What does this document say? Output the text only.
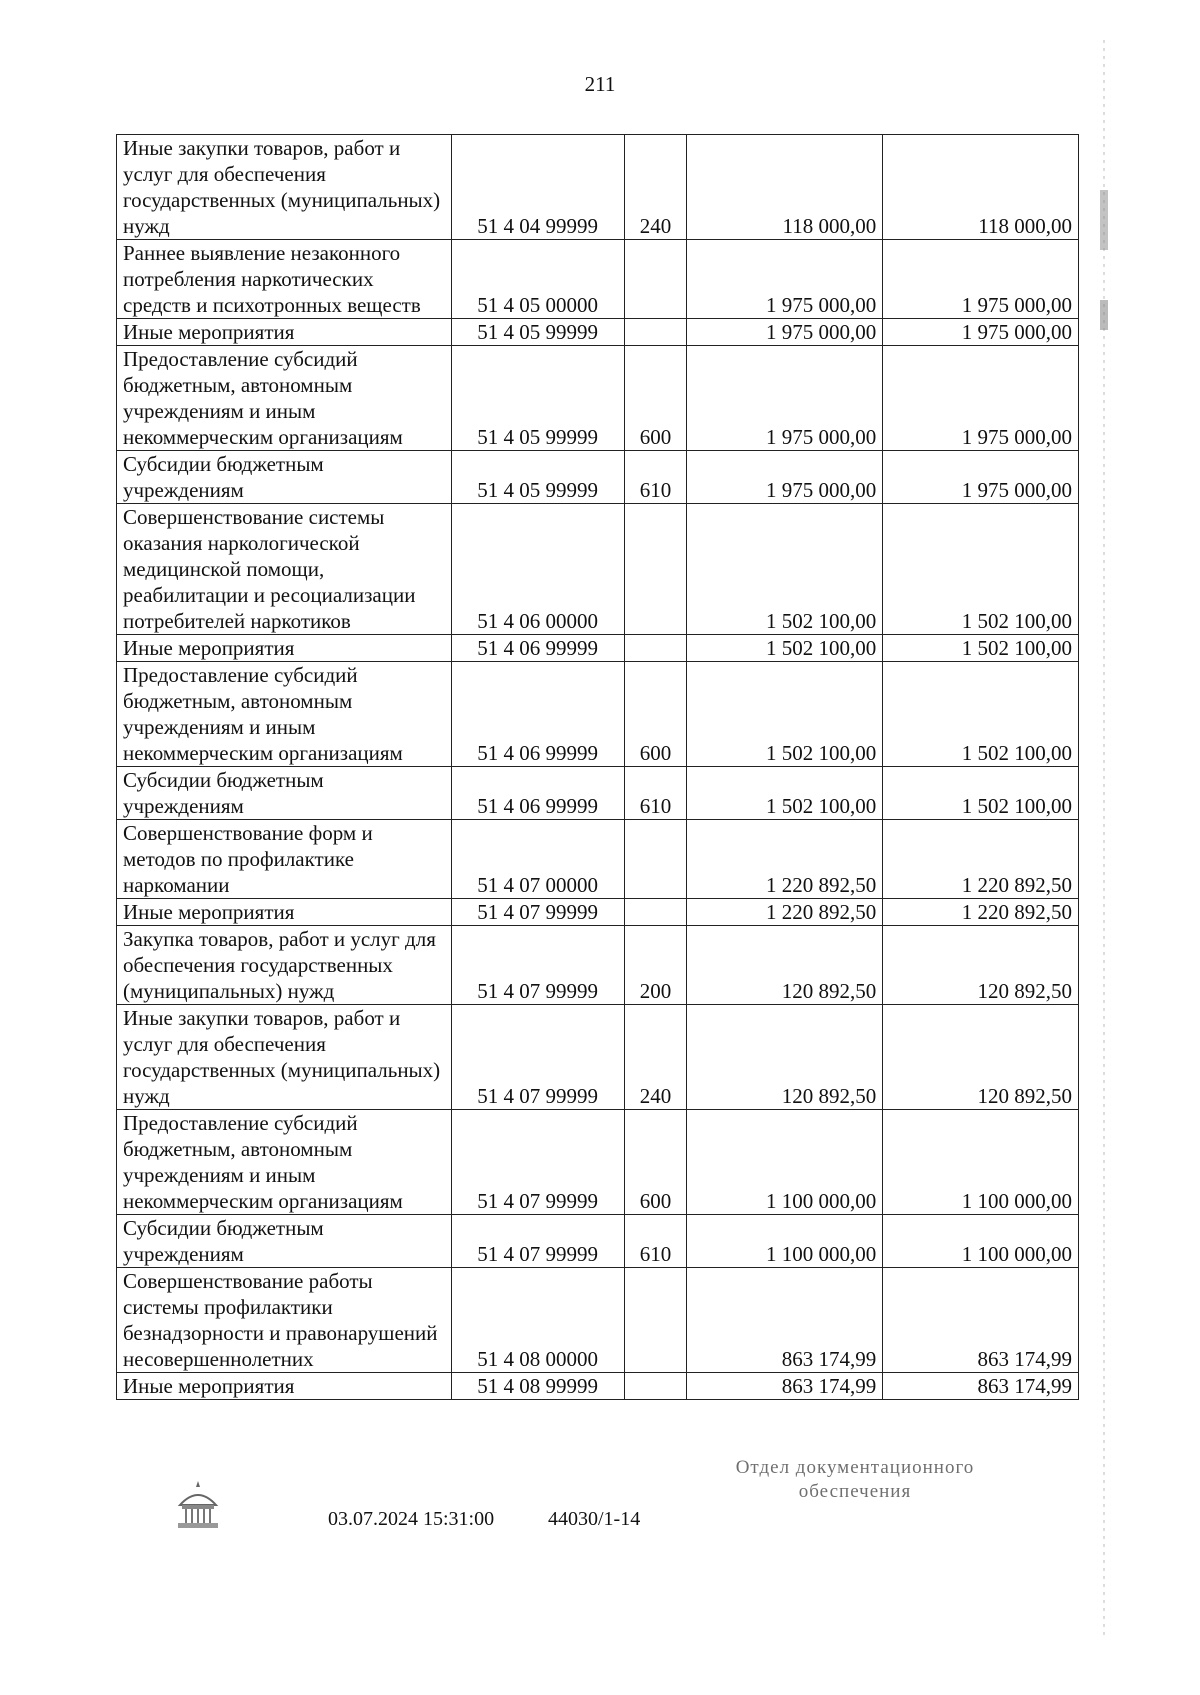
211
Иные закупки товаров, работ и услуг для обеспечения государственных (муниципальных) нужд	51 4 04 99999	240	118 000,00	118 000,00
Раннее выявление незаконного потребления наркотических средств и психотронных веществ	51 4 05 00000		1 975 000,00	1 975 000,00
Иные мероприятия	51 4 05 99999		1 975 000,00	1 975 000,00
Предоставление субсидий бюджетным, автономным учреждениям и иным некоммерческим организациям	51 4 05 99999	600	1 975 000,00	1 975 000,00
Субсидии бюджетным учреждениям	51 4 05 99999	610	1 975 000,00	1 975 000,00
Совершенствование системы оказания наркологической медицинской помощи, реабилитации и ресоциализации потребителей наркотиков	51 4 06 00000		1 502 100,00	1 502 100,00
Иные мероприятия	51 4 06 99999		1 502 100,00	1 502 100,00
Предоставление субсидий бюджетным, автономным учреждениям и иным некоммерческим организациям	51 4 06 99999	600	1 502 100,00	1 502 100,00
Субсидии бюджетным учреждениям	51 4 06 99999	610	1 502 100,00	1 502 100,00
Совершенствование форм и методов по профилактике наркомании	51 4 07 00000		1 220 892,50	1 220 892,50
Иные мероприятия	51 4 07 99999		1 220 892,50	1 220 892,50
Закупка товаров, работ и услуг для обеспечения государственных (муниципальных) нужд	51 4 07 99999	200	120 892,50	120 892,50
Иные закупки товаров, работ и услуг для обеспечения государственных (муниципальных) нужд	51 4 07 99999	240	120 892,50	120 892,50
Предоставление субсидий бюджетным, автономным учреждениям и иным некоммерческим организациям	51 4 07 99999	600	1 100 000,00	1 100 000,00
Субсидии бюджетным учреждениям	51 4 07 99999	610	1 100 000,00	1 100 000,00
Совершенствование работы системы профилактики безнадзорности и правонарушений несовершеннолетних	51 4 08 00000		863 174,99	863 174,99
Иные мероприятия	51 4 08 99999		863 174,99	863 174,99
03.07.2024 15:31:00	44030/1-14
Отдел документационного
обеспечения
